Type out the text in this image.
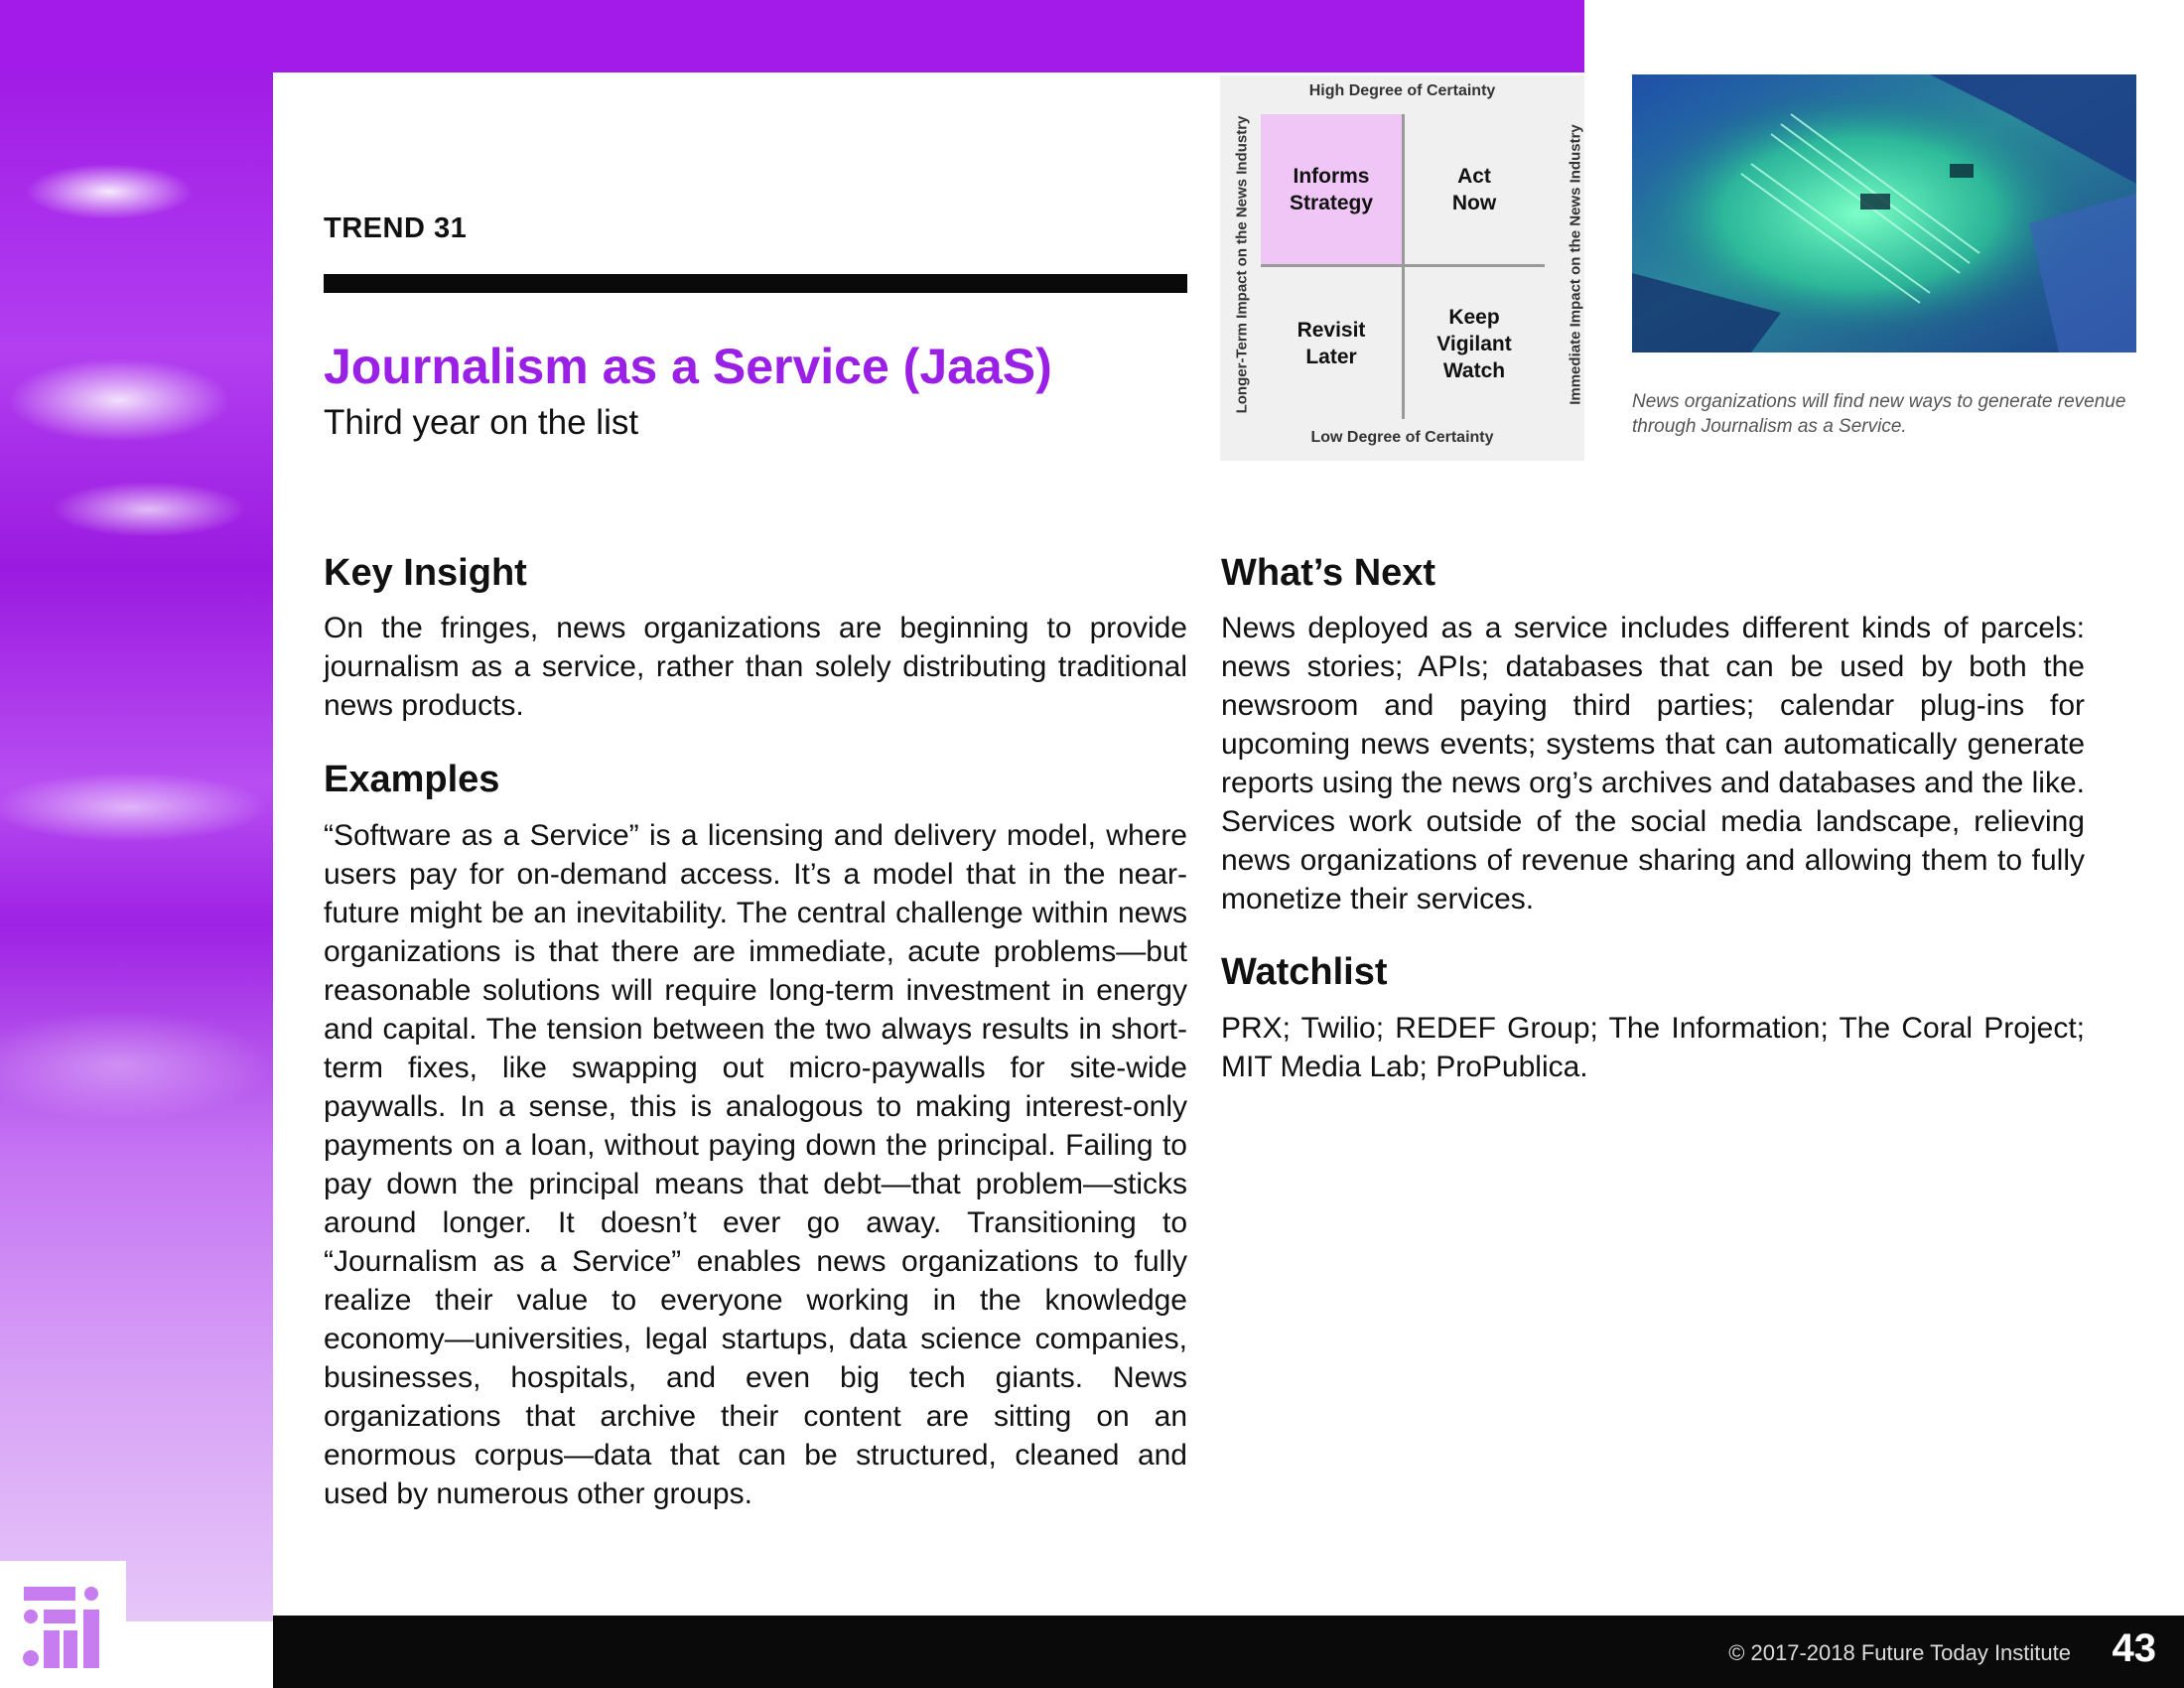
TREND 31
Journalism as a Service (JaaS)
Third year on the list
High Degree of Certainty
Low Degree of Certainty
Longer-Term Impact on the News Industry	Immediate Impact on the News Industry
Informs
Strategy
Act
Now
Revisit
Later
Keep
Vigilant
Watch
News organizations will find new ways to generate revenue through Journalism as a Service.
Key Insight

On the fringes, news organizations are beginning to provide journalism as a service, rather than solely distributing traditional news products.

Examples

“Software as a Service” is a licensing and delivery model, where users pay for on-demand access. It’s a model that in the near-future might be an inevitability. The central challenge within news organizations is that there are immediate, acute problems—but reasonable solutions will require long-term investment in energy and capital. The tension between the two always results in short-term fixes, like swapping out micro-paywalls for site-wide paywalls. In a sense, this is analogous to making interest-only payments on a loan, without paying down the principal. Failing to pay down the principal means that debt—that problem—sticks around longer. It doesn’t ever go away. Transitioning to “Journalism as a Service” enables news organizations to fully realize their value to everyone working in the knowledge economy—universities, legal startups, data science companies, businesses, hospitals, and even big tech giants. News organizations that archive their content are sitting on an enormous corpus—data that can be structured, cleaned and used by numerous other groups.

What’s Next

News deployed as a service includes different kinds of parcels: news stories; APIs; databases that can be used by both the newsroom and paying third parties; calendar plug-ins for upcoming news events; systems that can automatically generate reports using the news org’s archives and databases and the like. Services work outside of the social media landscape, relieving news organizations of revenue sharing and allowing them to fully monetize their services.

Watchlist

PRX; Twilio; REDEF Group; The Information; The Coral Project; MIT Media Lab; ProPublica.

© 2017-2018 Future Today Institute 43
